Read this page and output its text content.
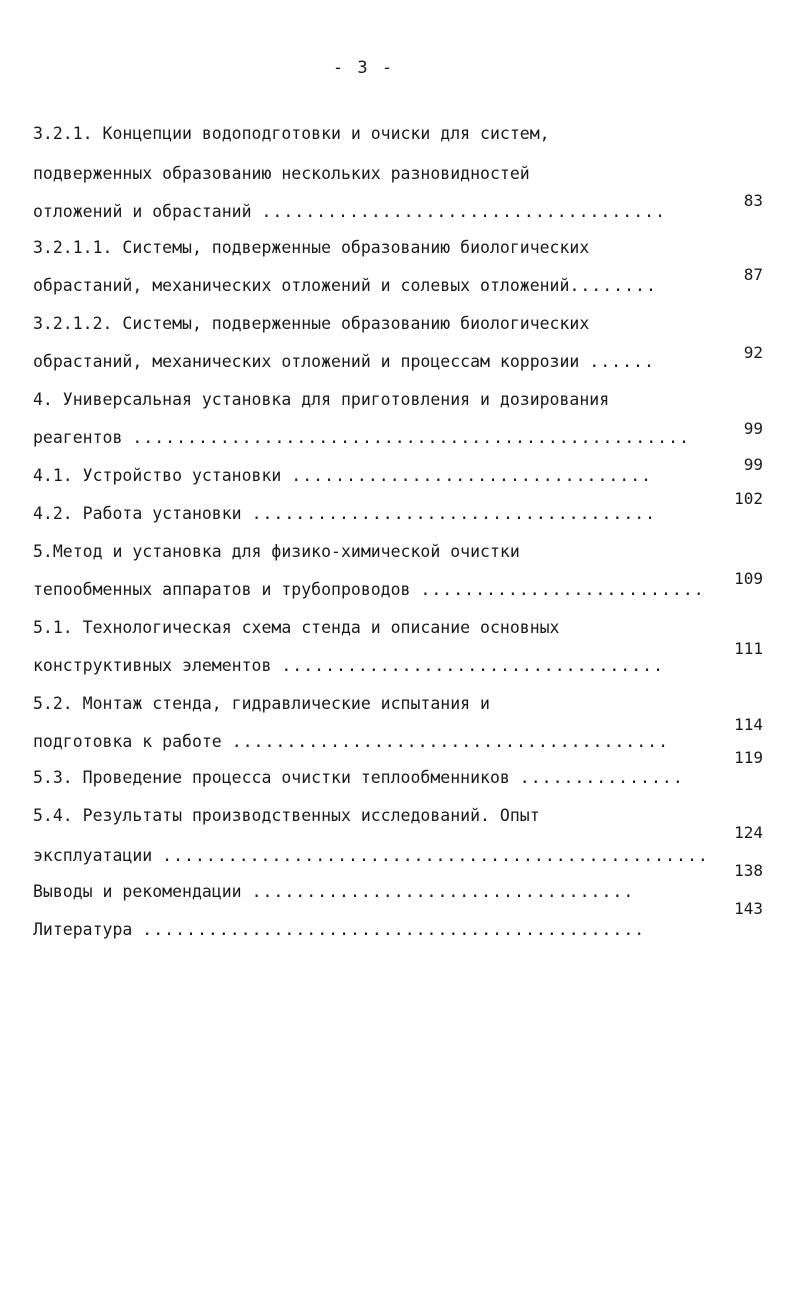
- 3 -
3.2.1. Концепции водоподготовки и очиски для систем,
подверженных образованию нескольких разновидностей
отложений и обрастаний .....................................
83
3.2.1.1. Системы, подверженные образованию биологических
обрастаний, механических отложений и солевых отложений........
87
3.2.1.2. Системы, подверженные образованию биологических
обрастаний, механических отложений и процессам коррозии ......	92
4. Универсальная установка для приготовления и дозирования
реагентов ...................................................	99
4.1. Устройство установки .................................
99
4.2. Работа установки .....................................
102
5.Метод и установка для физико-химической очистки
тепообменных аппаратов и трубопроводов ..........................
109
5.1. Технологическая схема стенда и описание основных
конструктивных элементов ...................................
111
5.2. Монтаж стенда, гидравлические испытания и
подготовка к работе ........................................
114
5.3. Проведение процесса очистки теплообменников ...............
119
5.4. Результаты производственных исследований. Опыт
эксплуатации ..................................................
124
Выводы и рекомендации ...................................
138
Литература ..............................................
143
